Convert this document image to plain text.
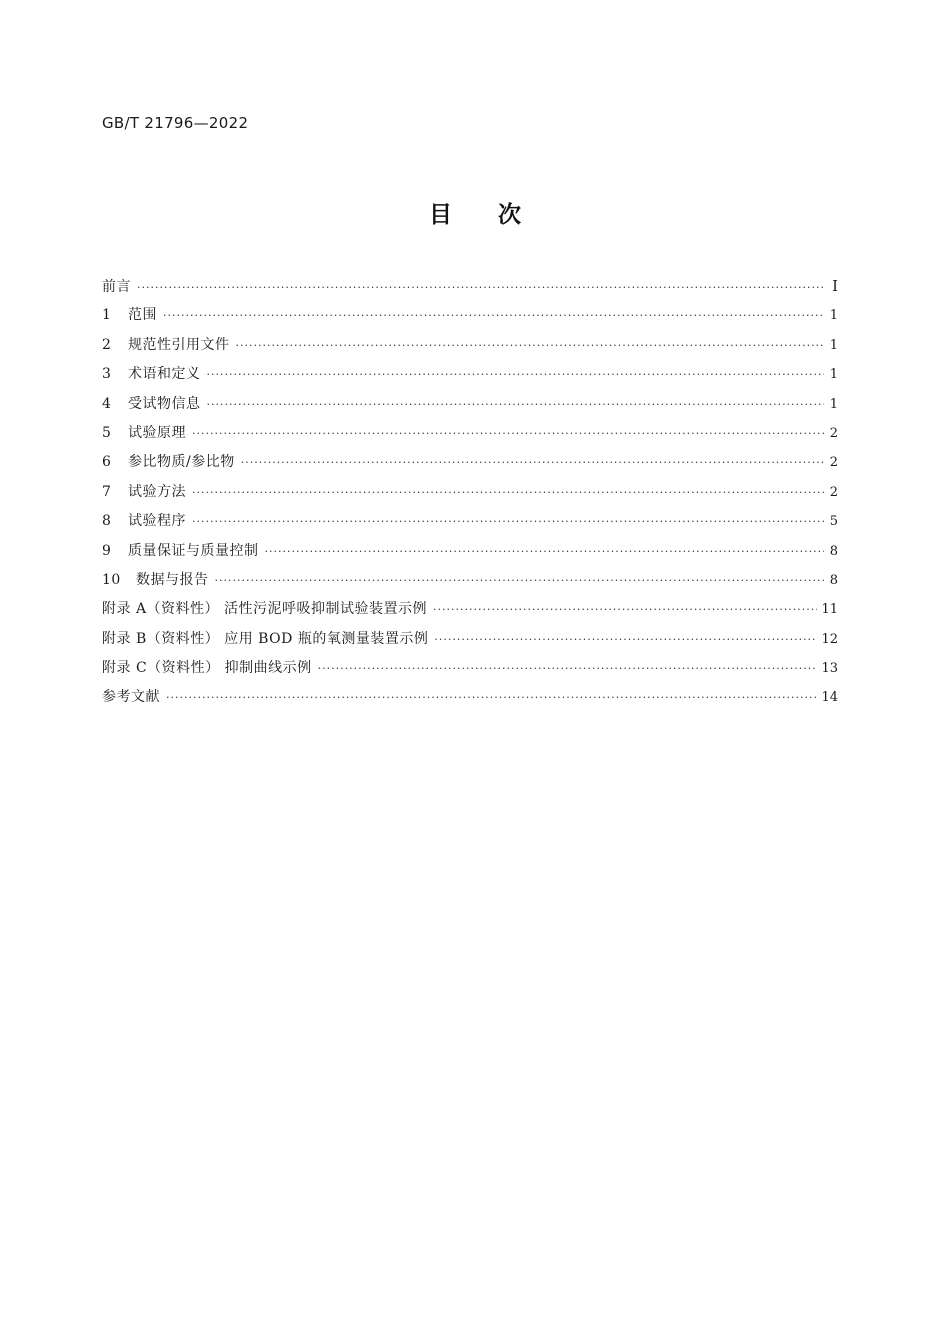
GB/T 21796—2022
目次
前言 ·····	Ⅰ
1 范围 ·····	1
2 规范性引用文件 ·····	1
3 术语和定义 ·····	1
4 受试物信息 ·····	1
5 试验原理 ·····	2
6 参比物质/参比物 ·····	2
7 试验方法 ·····	2
8 试验程序 ·····	5
9 质量保证与质量控制 ·····	8
10 数据与报告 ·····	8
附录 A（资料性） 活性污泥呼吸抑制试验装置示例 ·····	11
附录 B（资料性） 应用 BOD 瓶的氧测量装置示例 ·····	12
附录 C（资料性） 抑制曲线示例 ·····	13
参考文献 ·····	14
